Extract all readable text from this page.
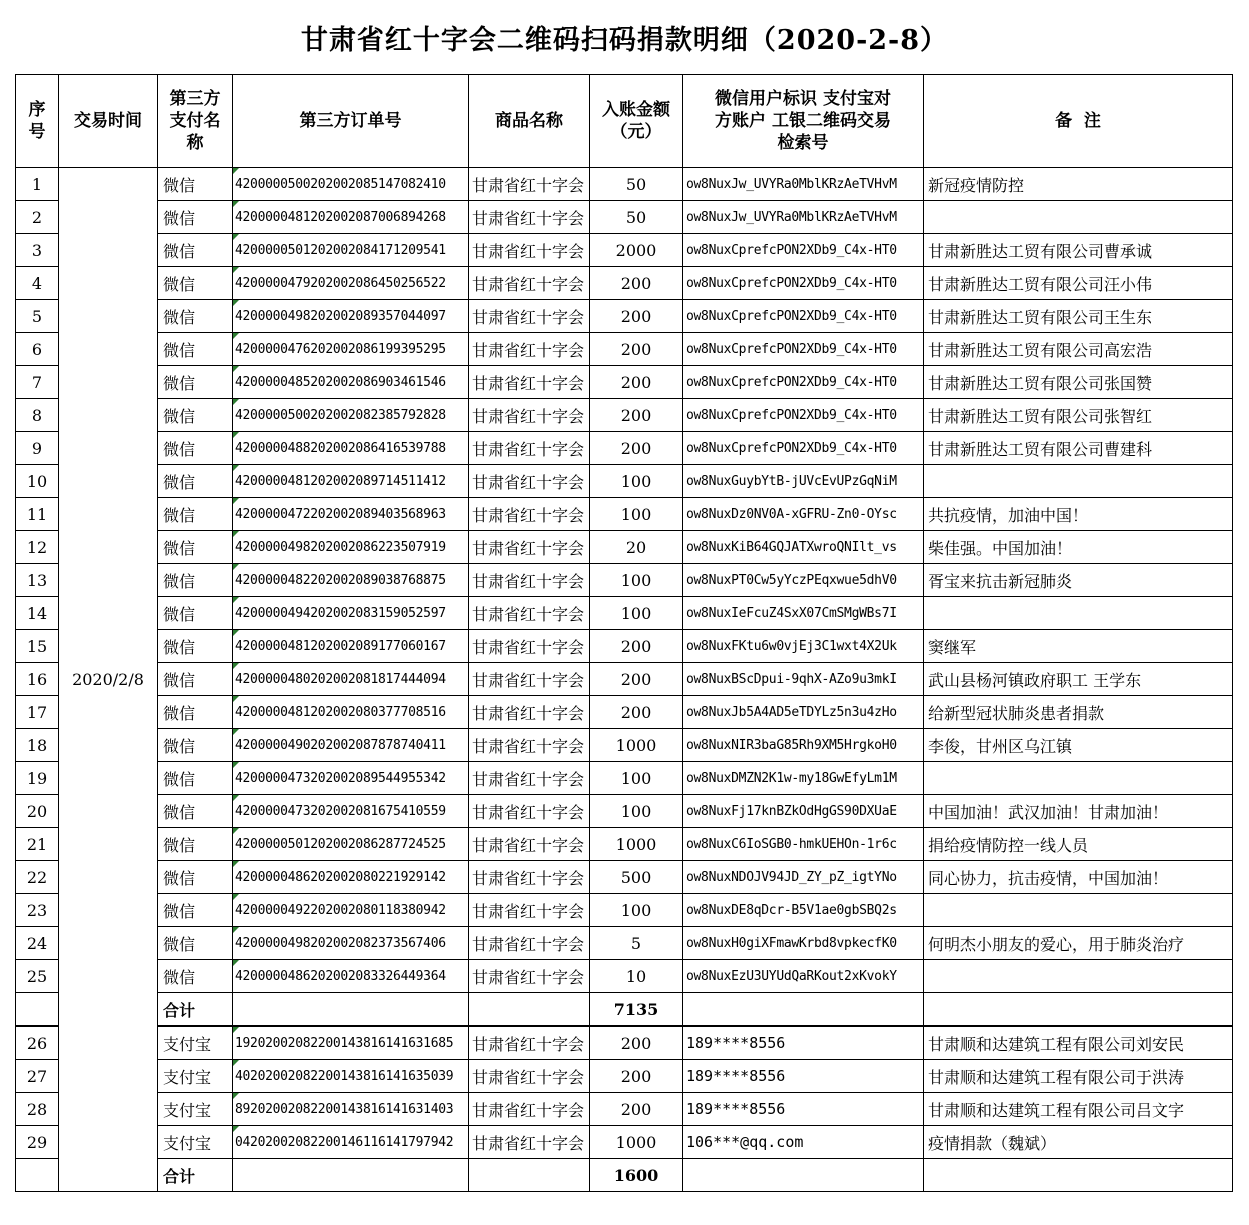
甘肃省红十字会二维码扫码捐款明细（2020-2-8）
序号	交易时间	第三方支付名称	第三方订单号	商品名称	入账金额（元）	微信用户标识 支付宝对方账户 工银二维码交易检索号	备  注
1	2020/2/8	微信	4200000500202002085147082410	甘肃省红十字会	50	ow8NuxJw_UVYRa0MblKRzAeTVHvM	新冠疫情防控
2		微信	4200000481202002087006894268	甘肃省红十字会	50	ow8NuxJw_UVYRa0MblKRzAeTVHvM	
3		微信	4200000501202002084171209541	甘肃省红十字会	2000	ow8NuxCprefcPON2XDb9_C4x-HT0	甘肃新胜达工贸有限公司曹承诚
4		微信	4200000479202002086450256522	甘肃省红十字会	200	ow8NuxCprefcPON2XDb9_C4x-HT0	甘肃新胜达工贸有限公司汪小伟
5		微信	4200000498202002089357044097	甘肃省红十字会	200	ow8NuxCprefcPON2XDb9_C4x-HT0	甘肃新胜达工贸有限公司王生东
6		微信	4200000476202002086199395295	甘肃省红十字会	200	ow8NuxCprefcPON2XDb9_C4x-HT0	甘肃新胜达工贸有限公司高宏浩
7		微信	4200000485202002086903461546	甘肃省红十字会	200	ow8NuxCprefcPON2XDb9_C4x-HT0	甘肃新胜达工贸有限公司张国赞
8		微信	4200000500202002082385792828	甘肃省红十字会	200	ow8NuxCprefcPON2XDb9_C4x-HT0	甘肃新胜达工贸有限公司张智红
9		微信	4200000488202002086416539788	甘肃省红十字会	200	ow8NuxCprefcPON2XDb9_C4x-HT0	甘肃新胜达工贸有限公司曹建科
10		微信	4200000481202002089714511412	甘肃省红十字会	100	ow8NuxGuybYtB-jUVcEvUPzGqNiM	
11		微信	4200000472202002089403568963	甘肃省红十字会	100	ow8NuxDz0NV0A-xGFRU-Zn0-OYsc	共抗疫情，加油中国！
12		微信	4200000498202002086223507919	甘肃省红十字会	20	ow8NuxKiB64GQJATXwroQNIlt_vs	柴佳强。中国加油！
13		微信	4200000482202002089038768875	甘肃省红十字会	100	ow8NuxPT0Cw5yYczPEqxwue5dhV0	胥宝来抗击新冠肺炎
14		微信	4200000494202002083159052597	甘肃省红十字会	100	ow8NuxIeFcuZ4SxX07CmSMgWBs7I	
15		微信	4200000481202002089177060167	甘肃省红十字会	200	ow8NuxFKtu6w0vjEj3C1wxt4X2Uk	窦继军
16		微信	4200000480202002081817444094	甘肃省红十字会	200	ow8NuxBScDpui-9qhX-AZo9u3mkI	武山县杨河镇政府职工 王学东
17		微信	4200000481202002080377708516	甘肃省红十字会	200	ow8NuxJb5A4AD5eTDYLz5n3u4zHo	给新型冠状肺炎患者捐款
18		微信	4200000490202002087878740411	甘肃省红十字会	1000	ow8NuxNIR3baG85Rh9XM5HrgkoH0	李俊，甘州区乌江镇
19		微信	4200000473202002089544955342	甘肃省红十字会	100	ow8NuxDMZN2K1w-my18GwEfyLm1M	
20		微信	4200000473202002081675410559	甘肃省红十字会	100	ow8NuxFj17knBZkOdHgGS90DXUaE	中国加油！武汉加油！甘肃加油！
21		微信	4200000501202002086287724525	甘肃省红十字会	1000	ow8NuxC6IoSGB0-hmkUEHOn-1r6c	捐给疫情防控一线人员
22		微信	4200000486202002080221929142	甘肃省红十字会	500	ow8NuxNDOJV94JD_ZY_pZ_igtYNo	同心协力，抗击疫情，中国加油！
23		微信	4200000492202002080118380942	甘肃省红十字会	100	ow8NuxDE8qDcr-B5V1ae0gbSBQ2s	
24		微信	4200000498202002082373567406	甘肃省红十字会	5	ow8NuxH0giXFmawKrbd8vpkecfK0	何明杰小朋友的爱心，用于肺炎治疗
25		微信	4200000486202002083326449364	甘肃省红十字会	10	ow8NuxEzU3UYUdQaRKout2xKvokY	
		合计			7135		
26		支付宝	19202002082200143816141631685	甘肃省红十字会	200	189****8556	甘肃顺和达建筑工程有限公司刘安民
27		支付宝	40202002082200143816141635039	甘肃省红十字会	200	189****8556	甘肃顺和达建筑工程有限公司于洪涛
28		支付宝	89202002082200143816141631403	甘肃省红十字会	200	189****8556	甘肃顺和达建筑工程有限公司吕文字
29		支付宝	04202002082200146116141797942	甘肃省红十字会	1000	106***@qq.com	疫情捐款（魏斌）
		合计			1600		
